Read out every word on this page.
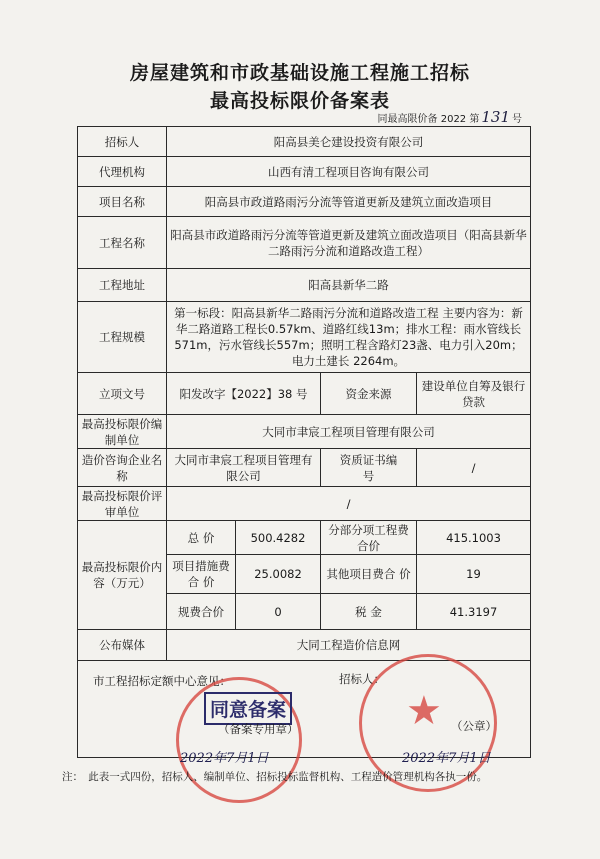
房屋建筑和市政基础设施工程施工招标
最高投标限价备案表
同最高限价备 2022 第 131 号
招标人	阳高县美仑建设投资有限公司			
代理机构	山西有清工程项目咨询有限公司			
项目名称	阳高县市政道路雨污分流等管道更新及建筑立面改造项目			
工程名称	阳高县市政道路雨污分流等管道更新及建筑立面改造项目（阳高县新华二路雨污分流和道路改造工程）			
工程地址	阳高县新华二路			
工程规模	第一标段：阳高县新华二路雨污分流和道路改造工程 主要内容为：新华二路道路工程长0.57km、道路红线13m；排水工程：雨水管线长571m，污水管线长557m；照明工程含路灯23盏、电力引入20m； 电力土建长 2264m。			
立项文号	阳发改字【2022】38 号		资金来源	建设单位自筹及银行贷款
最高投标限价编制单位	大同市聿宸工程项目管理有限公司			
造价咨询企业名称	大同市聿宸工程项目管理有限公司		资质证书编　　号	/
最高投标限价评审单位	/			
最高投标限价内容（万元）	总 价	500.4282	分部分项工程费合价	415.1003
	项目措施费合 价	25.0082	其他项目费合 价	19
	规费合价	0	税 金	41.3197
公布媒体	大同工程造价信息网			

市工程招标定额中心意见：
同意备案
（备案专用章）
2022年7月1日
招标人：
★ （公章）
2022年7月1日
注：　此表一式四份，招标人、编制单位、招标投标监督机构、工程造价管理机构各执一份。
